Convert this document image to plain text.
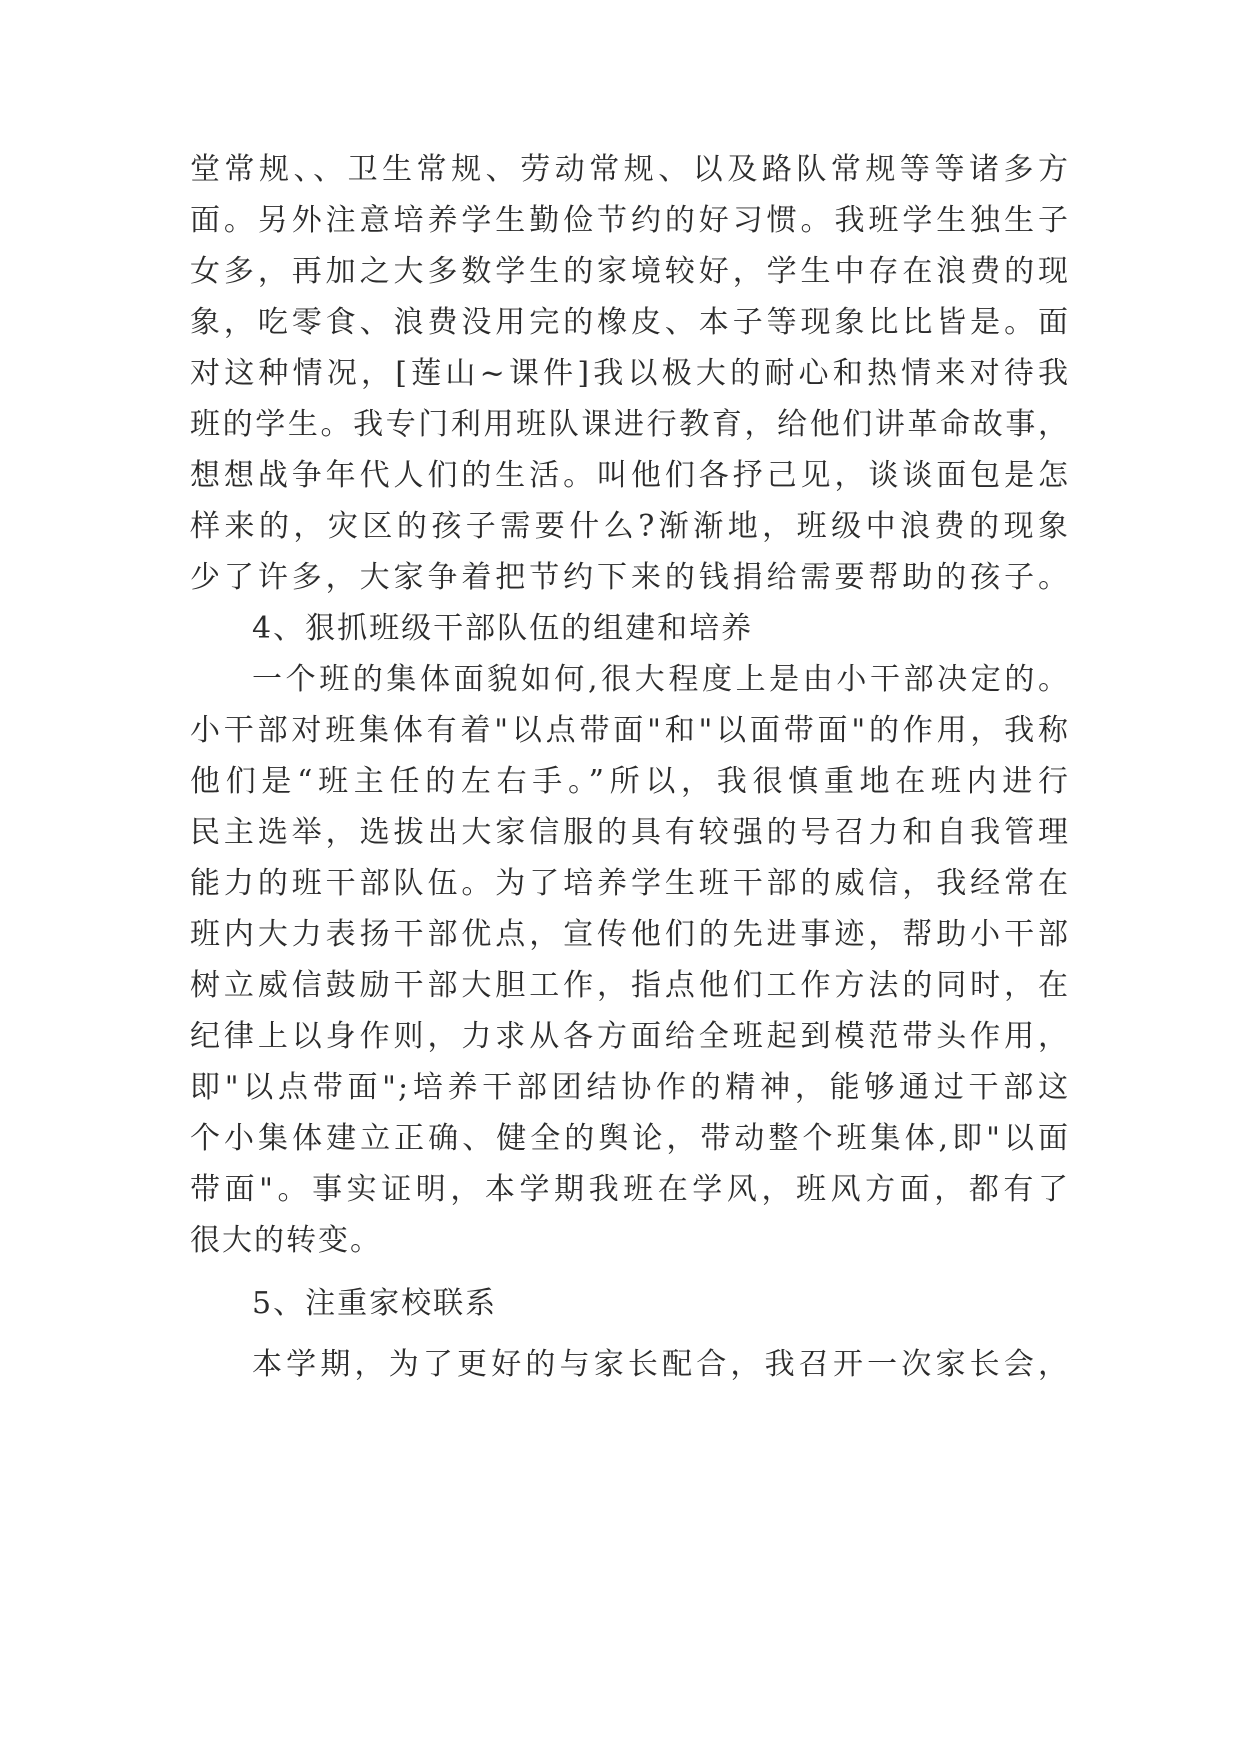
堂常规、、卫生常规、劳动常规、以及路队常规等等诸多方

面。另外注意培养学生勤俭节约的好习惯。我班学生独生子

女多，再加之大多数学生的家境较好，学生中存在浪费的现

象，吃零食、浪费没用完的橡皮、本子等现象比比皆是。面

对这种情况，[莲山~课件]我以极大的耐心和热情来对待我

班的学生。我专门利用班队课进行教育，给他们讲革命故事，

想想战争年代人们的生活。叫他们各抒己见，谈谈面包是怎

样来的，灾区的孩子需要什么?渐渐地，班级中浪费的现象

少了许多，大家争着把节约下来的钱捐给需要帮助的孩子。

4、狠抓班级干部队伍的组建和培养

一个班的集体面貌如何,很大程度上是由小干部决定的。

小干部对班集体有着"以点带面"和"以面带面"的作用，我称

他们是“班主任的左右手。”所以，我很慎重地在班内进行

民主选举，选拔出大家信服的具有较强的号召力和自我管理

能力的班干部队伍。为了培养学生班干部的威信，我经常在

班内大力表扬干部优点，宣传他们的先进事迹，帮助小干部

树立威信鼓励干部大胆工作，指点他们工作方法的同时，在

纪律上以身作则，力求从各方面给全班起到模范带头作用，

即"以点带面";培养干部团结协作的精神，能够通过干部这

个小集体建立正确、健全的舆论，带动整个班集体,即"以面

带面"。事实证明，本学期我班在学风，班风方面，都有了

很大的转变。

5、注重家校联系

本学期，为了更好的与家长配合，我召开一次家长会，
